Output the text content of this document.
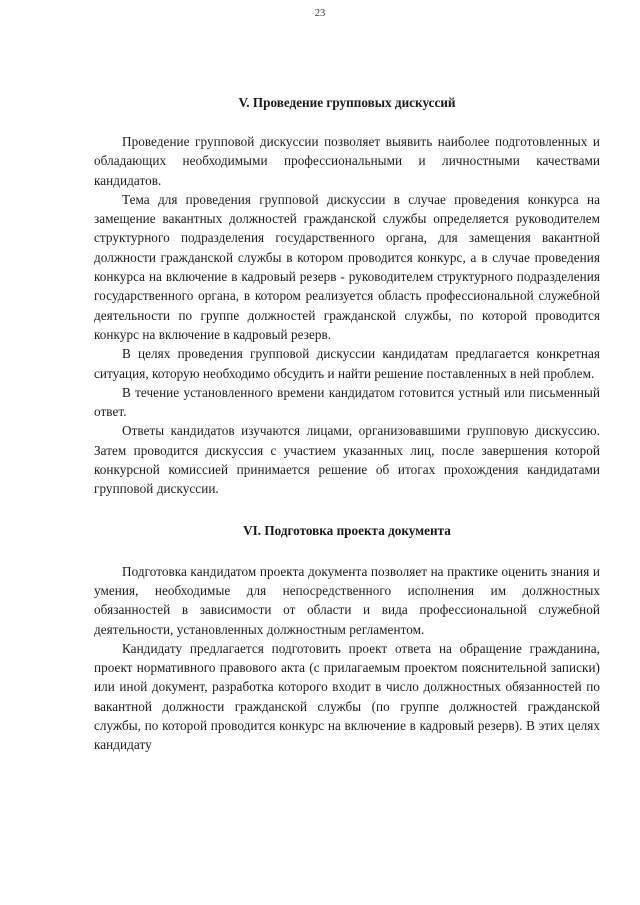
23
V. Проведение групповых дискуссий

Проведение групповой дискуссии позволяет выявить наиболее подготовленных и обладающих необходимыми профессиональными и личностными качествами кандидатов.

Тема для проведения групповой дискуссии в случае проведения конкурса на замещение вакантных должностей гражданской службы определяется руководителем структурного подразделения государственного органа, для замещения вакантной должности гражданской службы в котором проводится конкурс, а в случае проведения конкурса на включение в кадровый резерв - руководителем структурного подразделения государственного органа, в котором реализуется область профессиональной служебной деятельности по группе должностей гражданской службы, по которой проводится конкурс на включение в кадровый резерв.

В целях проведения групповой дискуссии кандидатам предлагается конкретная ситуация, которую необходимо обсудить и найти решение поставленных в ней проблем.

В течение установленного времени кандидатом готовится устный или письменный ответ.

Ответы кандидатов изучаются лицами, организовавшими групповую дискуссию. Затем проводится дискуссия с участием указанных лиц, после завершения которой конкурсной комиссией принимается решение об итогах прохождения кандидатами групповой дискуссии.

VI. Подготовка проекта документа

Подготовка кандидатом проекта документа позволяет на практике оценить знания и умения, необходимые для непосредственного исполнения им должностных обязанностей в зависимости от области и вида профессиональной служебной деятельности, установленных должностным регламентом.

Кандидату предлагается подготовить проект ответа на обращение гражданина, проект нормативного правового акта (с прилагаемым проектом пояснительной записки) или иной документ, разработка которого входит в число должностных обязанностей по вакантной должности гражданской службы (по группе должностей гражданской службы, по которой проводится конкурс на включение в кадровый резерв). В этих целях кандидату
